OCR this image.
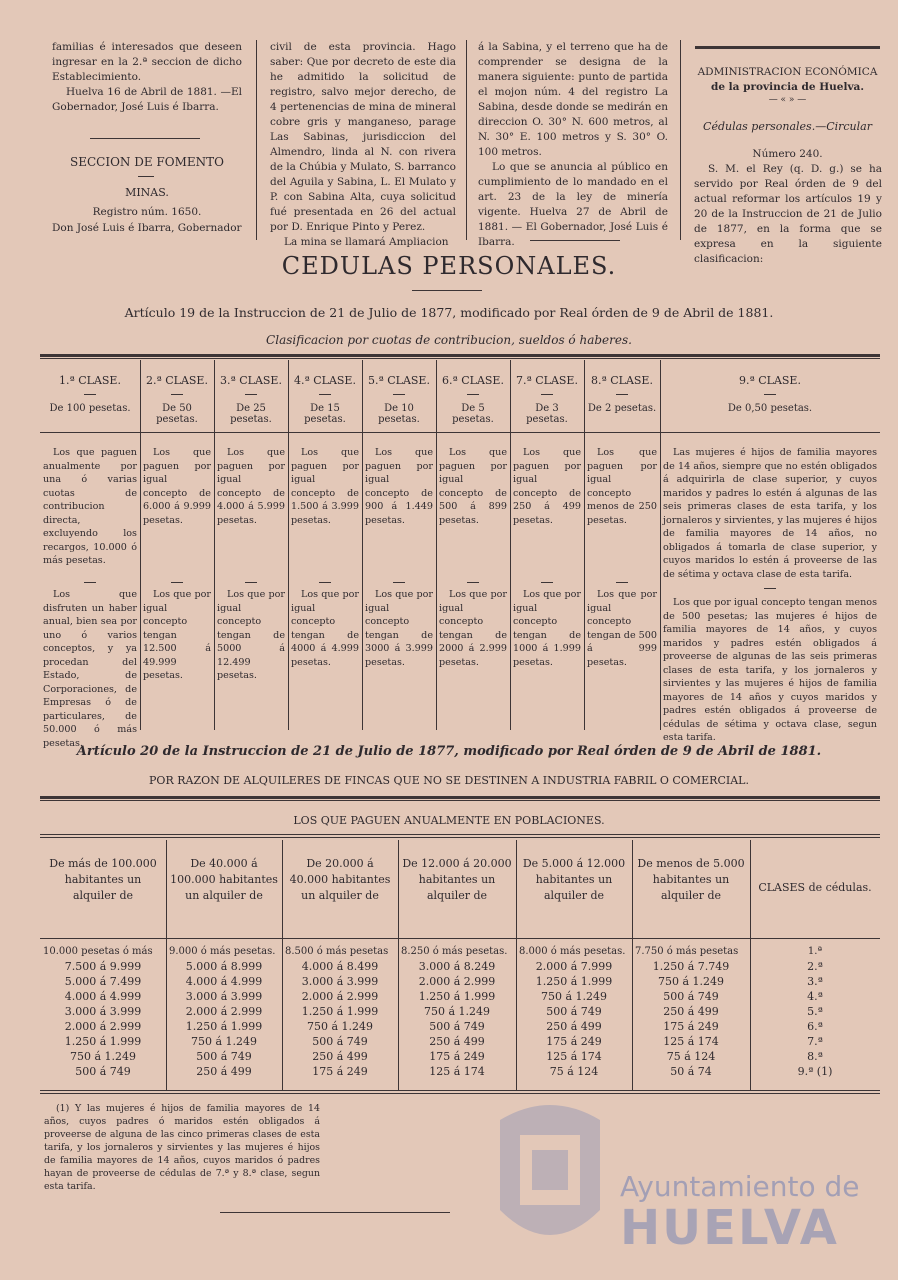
familias é interesados que deseen ingresar en la 2.ª seccion de dicho Establecimiento.
Huelva 16 de Abril de 1881. —El Gobernador, José Luis é Ibarra.
SECCION DE FOMENTO
MINAS.
Registro núm. 1650.
Don José Luis é Ibarra, Gobernador
civil de esta provincia. Hago saber: Que por decreto de este dia he admitido la solicitud de registro, salvo mejor derecho, de 4 pertenencias de mina de mineral cobre gris y manganeso, parage Las Sabinas, jurisdiccion del Almendro, linda al N. con rivera de la Chúbia y Mulato, S. barranco del Aguila y Sabina, L. El Mulato y P. con Sabina Alta, cuya solicitud fué presentada en 26 del actual por D. Enrique Pinto y Perez.
La mina se llamará Ampliacion
á la Sabina, y el terreno que ha de comprender se designa de la manera siguiente: punto de partida el mojon núm. 4 del registro La Sabina, desde donde se medirán en direccion O. 30° N. 600 metros, al N. 30° E. 100 metros y S. 30° O. 100 metros.
Lo que se anuncia al público en cumplimiento de lo mandado en el art. 23 de la ley de minería vigente. Huelva 27 de Abril de 1881. — El Gobernador, José Luis é Ibarra.
ADMINISTRACION ECONÓMICA
de la provincia de Huelva.
— « » —
Cédulas personales.—Circular
Número 240.
S. M. el Rey (q. D. g.) se ha servido por Real órden de 9 del actual reformar los artículos 19 y 20 de la Instruccion de 21 de Julio de 1877, en la forma que se expresa en la siguiente clasificacion:
CEDULAS PERSONALES.
Artículo 19 de la Instruccion de 21 de Julio de 1877, modificado por Real órden de 9 de Abril de 1881.
Clasificacion por cuotas de contribucion, sueldos ó haberes.
1.ª CLASE.
De 100 pesetas.
Los que paguen anualmente por una ó varias cuotas de contribucion directa, excluyendo los recargos, 10.000 ó más pesetas.
Los que disfruten un haber anual, bien sea por uno ó varios conceptos, y ya procedan del Estado, de Corporaciones, de Empresas ó de particulares, de 50.000 ó más pesetas.
2.ª CLASE.
De 50 pesetas.
Los que paguen por igual concepto de 6.000 á 9.999 pesetas.
Los que por igual concepto tengan 12.500 á 49.999 pesetas.
3.ª CLASE.
De 25 pesetas.
Los que paguen por igual concepto de 4.000 á 5.999 pesetas.
Los que por igual concepto tengan de 5000 á 12.499 pesetas.
4.ª CLASE.
De 15 pesetas.
Los que paguen por igual concepto de 1.500 á 3.999 pesetas.
Los que por igual concepto tengan de 4000 á 4.999 pesetas.
5.ª CLASE.
De 10 pesetas.
Los que paguen por igual concepto de 900 á 1.449 pesetas.
Los que por igual concepto tengan de 3000 á 3.999 pesetas.
6.ª CLASE.
De 5 pesetas.
Los que paguen por igual concepto de 500 á 899 pesetas.
Los que por igual concepto tengan de 2000 á 2.999 pesetas.
7.ª CLASE.
De 3 pesetas.
Los que paguen por igual concepto de 250 á 499 pesetas.
Los que por igual concepto tengan de 1000 á 1.999 pesetas.
8.ª CLASE.
De 2 pesetas.
Los que paguen por igual concepto menos de 250 pesetas.
Los que por igual concepto tengan de 500 á 999 pesetas.
9.ª CLASE.
De 0,50 pesetas.
Las mujeres é hijos de familia mayores de 14 años, siempre que no estén obligados á adquirirla de clase superior, y cuyos maridos y padres lo estén á algunas de las seis primeras clases de esta tarifa, y los jornaleros y sirvientes, y las mujeres é hijos de familia mayores de 14 años, no obligados á tomarla de clase superior, y cuyos maridos lo estén á proveerse de las de sétima y octava clase de esta tarifa.
Los que por igual concepto tengan menos de 500 pesetas; las mujeres é hijos de familia mayores de 14 años, y cuyos maridos y padres estén obligados á proveerse de algunas de las seis primeras clases de esta tarifa, y los jornaleros y sirvientes y las mujeres é hijos de familia mayores de 14 años y cuyos maridos y padres estén obligados á proveerse de cédulas de sétima y octava clase, segun esta tarifa.
Artículo 20 de la Instruccion de 21 de Julio de 1877, modificado por Real órden de 9 de Abril de 1881.
POR RAZON DE ALQUILERES DE FINCAS QUE NO SE DESTINEN A INDUSTRIA FABRIL O COMERCIAL.
LOS QUE PAGUEN ANUALMENTE EN POBLACIONES.
De más de 100.000 habitantes un alquiler de
De 40.000 á 100.000 habitantes un alquiler de
De 20.000 á 40.000 habitantes un alquiler de
De 12.000 á 20.000 habitantes un alquiler de
De 5.000 á 12.000 habitantes un alquiler de
De menos de 5.000 habitantes un alquiler de
CLASES de cédulas.
10.000 pesetas ó más
7.500 á 9.999
5.000 á 7.499
4.000 á 4.999
3.000 á 3.999
2.000 á 2.999
1.250 á 1.999
750 á 1.249
500 á 749
9.000 ó más pesetas.
5.000 á 8.999
4.000 á 4.999
3.000 á 3.999
2.000 á 2.999
1.250 á 1.999
750 á 1.249
500 á 749
250 á 499
8.500 ó más pesetas
4.000 á 8.499
3.000 á 3.999
2.000 á 2.999
1.250 á 1.999
750 á 1.249
500 á 749
250 á 499
175 á 249
8.250 ó más pesetas.
3.000 á 8.249
2.000 á 2.999
1.250 á 1.999
750 á 1.249
500 á 749
250 á 499
175 á 249
125 á 174
8.000 ó más pesetas.
2.000 á 7.999
1.250 á 1.999
750 á 1.249
500 á 749
250 á 499
175 á 249
125 á 174
75 á 124
7.750 ó más pesetas
1.250 á 7.749
750 á 1.249
500 á 749
250 á 499
175 á 249
125 á 174
75 á 124
50 á 74
1.ª
2.ª
3.ª
4.ª
5.ª
6.ª
7.ª
8.ª
9.ª (1)
(1) Y las mujeres é hijos de familia mayores de 14 años, cuyos padres ó maridos estén obligados á proveerse de alguna de las cinco primeras clases de esta tarifa, y los jornaleros y sirvientes y las mujeres é hijos de familia mayores de 14 años, cuyos maridos ó padres hayan de proveerse de cédulas de 7.ª y 8.ª clase, segun esta tarifa.	Ayuntamiento de
HUELVA
